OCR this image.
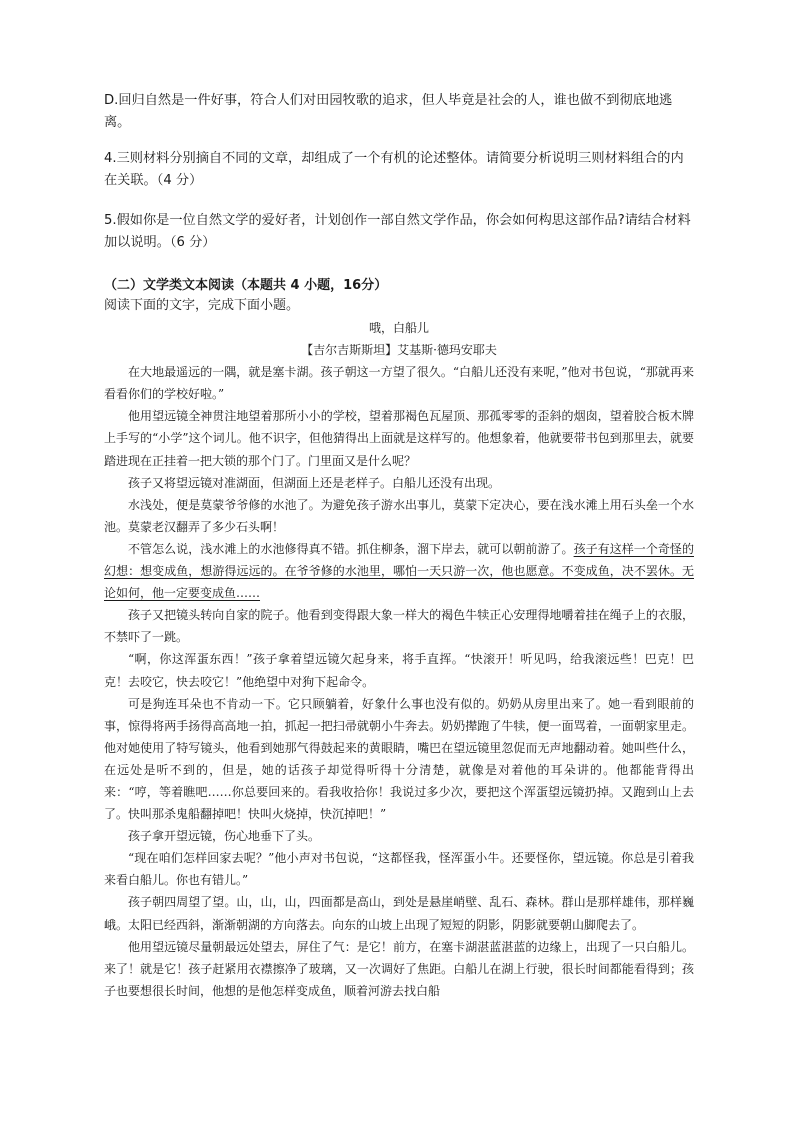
D.回归自然是一件好事，符合人们对田园牧歌的追求，但人毕竟是社会的人，谁也做不到彻底地逃离。

4.三则材料分别摘自不同的文章，却组成了一个有机的论述整体。请简要分析说明三则材料组合的内在关联。（4 分）

5.假如你是一位自然文学的爱好者，计划创作一部自然文学作品，你会如何构思这部作品?请结合材料加以说明。（6 分）

（二）文学类文本阅读（本题共 4 小题，16分）
阅读下面的文字，完成下面小题。

哦，白船儿

【吉尔吉斯斯坦】艾基斯·德玛安耶夫

在大地最遥远的一隅，就是塞卡湖。孩子朝这一方望了很久。“白船儿还没有来呢，”他对书包说，“那就再来看看你们的学校好啦。”

他用望远镜全神贯注地望着那所小小的学校，望着那褐色瓦屋顶、那孤零零的歪斜的烟囱，望着胶合板木牌上手写的“小学”这个词儿。他不识字，但他猜得出上面就是这样写的。他想象着，他就要带书包到那里去，就要踏进现在正挂着一把大锁的那个门了。门里面又是什么呢？

孩子又将望远镜对准湖面，但湖面上还是老样子。白船儿还没有出现。

水浅处，便是莫蒙爷爷修的水池了。为避免孩子游水出事儿，莫蒙下定决心，要在浅水滩上用石头垒一个水池。莫蒙老汉翻弄了多少石头啊！

不管怎么说，浅水滩上的水池修得真不错。抓住柳条，溜下岸去，就可以朝前游了。孩子有这样一个奇怪的幻想：想变成鱼，想游得远远的。在爷爷修的水池里，哪怕一天只游一次，他也愿意。不变成鱼，决不罢休。无论如何，他一定要变成鱼……

孩子又把镜头转向自家的院子。他看到变得跟大象一样大的褐色牛犊正心安理得地嚼着挂在绳子上的衣服，不禁吓了一跳。

“啊，你这浑蛋东西！”孩子拿着望远镜欠起身来，将手直挥。“快滚开！听见吗，给我滚远些！巴克！巴克！去咬它，快去咬它！”他绝望中对狗下起命令。

可是狗连耳朵也不肯动一下。它只顾躺着，好象什么事也没有似的。奶奶从房里出来了。她一看到眼前的事，惊得将两手扬得高高地一拍，抓起一把扫帚就朝小牛奔去。奶奶撵跑了牛犊，便一面骂着，一面朝家里走。他对她使用了特写镜头，他看到她那气得鼓起来的黄眼睛，嘴巴在望远镜里忽促而无声地翻动着。她叫些什么，在远处是听不到的，但是，她的话孩子却觉得听得十分清楚，就像是对着他的耳朵讲的。他都能背得出来：“哼，等着瞧吧……你总要回来的。看我收拾你！我说过多少次，要把这个浑蛋望远镜扔掉。又跑到山上去了。快叫那杀鬼船翻掉吧！快叫火烧掉，快沉掉吧！”

孩子拿开望远镜，伤心地垂下了头。

“现在咱们怎样回家去呢？”他小声对书包说，“这都怪我，怪浑蛋小牛。还要怪你，望远镜。你总是引着我来看白船儿。你也有错儿。”

孩子朝四周望了望。山，山，山，四面都是高山，到处是悬崖峭壁、乱石、森林。群山是那样雄伟，那样巍峨。太阳已经西斜，渐渐朝湖的方向落去。向东的山坡上出现了短短的阴影，阴影就要朝山脚爬去了。

他用望远镜尽量朝最远处望去，屏住了气：是它！前方，在塞卡湖湛蓝湛蓝的边缘上，出现了一只白船儿。来了！就是它！孩子赶紧用衣襟擦净了玻璃，又一次调好了焦距。白船儿在湖上行驶，很长时间都能看得到；孩子也要想很长时间，他想的是他怎样变成鱼，顺着河游去找白船
